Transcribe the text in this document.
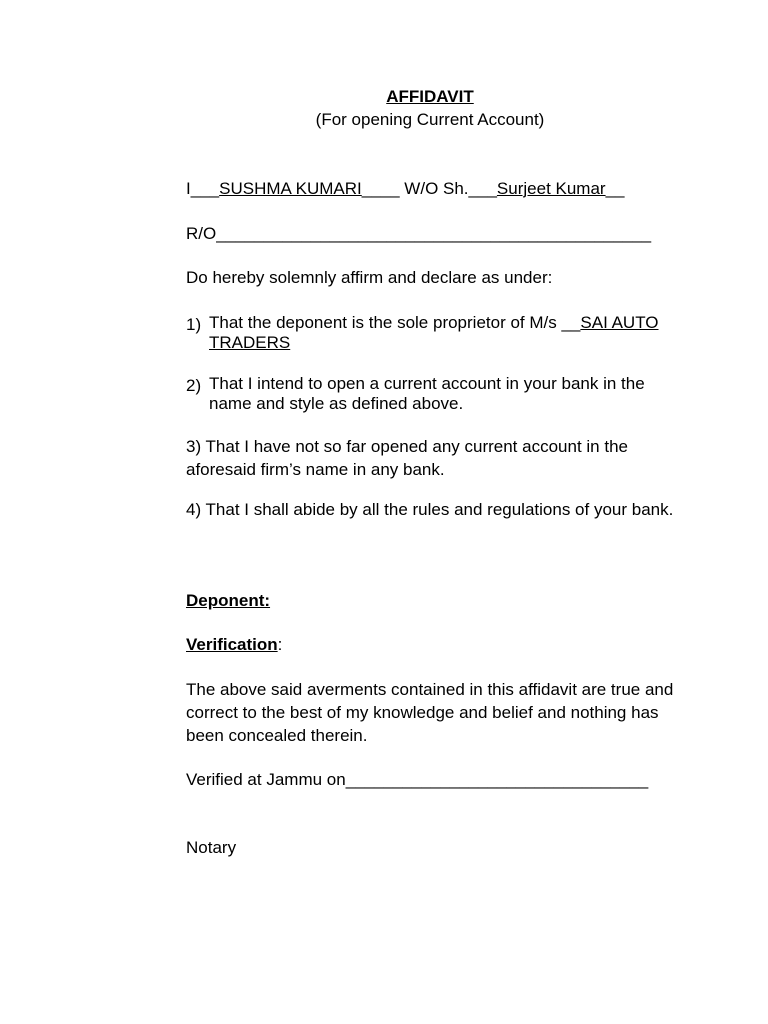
AFFIDAVIT
(For opening Current Account)
I___SUSHMA KUMARI____ W/O Sh.___Surjeet Kumar__
R/O______________________________________________
Do hereby solemnly affirm and declare as under:
1) That the deponent is the sole proprietor of M/s __SAI AUTO TRADERS
2) That I intend to open a current account in your bank in the name and style as defined above.
3) That I have not so far opened any current account in the aforesaid firm’s name in any bank.
4) That I shall abide by all the rules and regulations of your bank.
Deponent:
Verification:
The above said averments contained in this affidavit are true and correct to the best of my knowledge and belief and nothing has been concealed therein.
Verified at Jammu on________________________________
Notary
